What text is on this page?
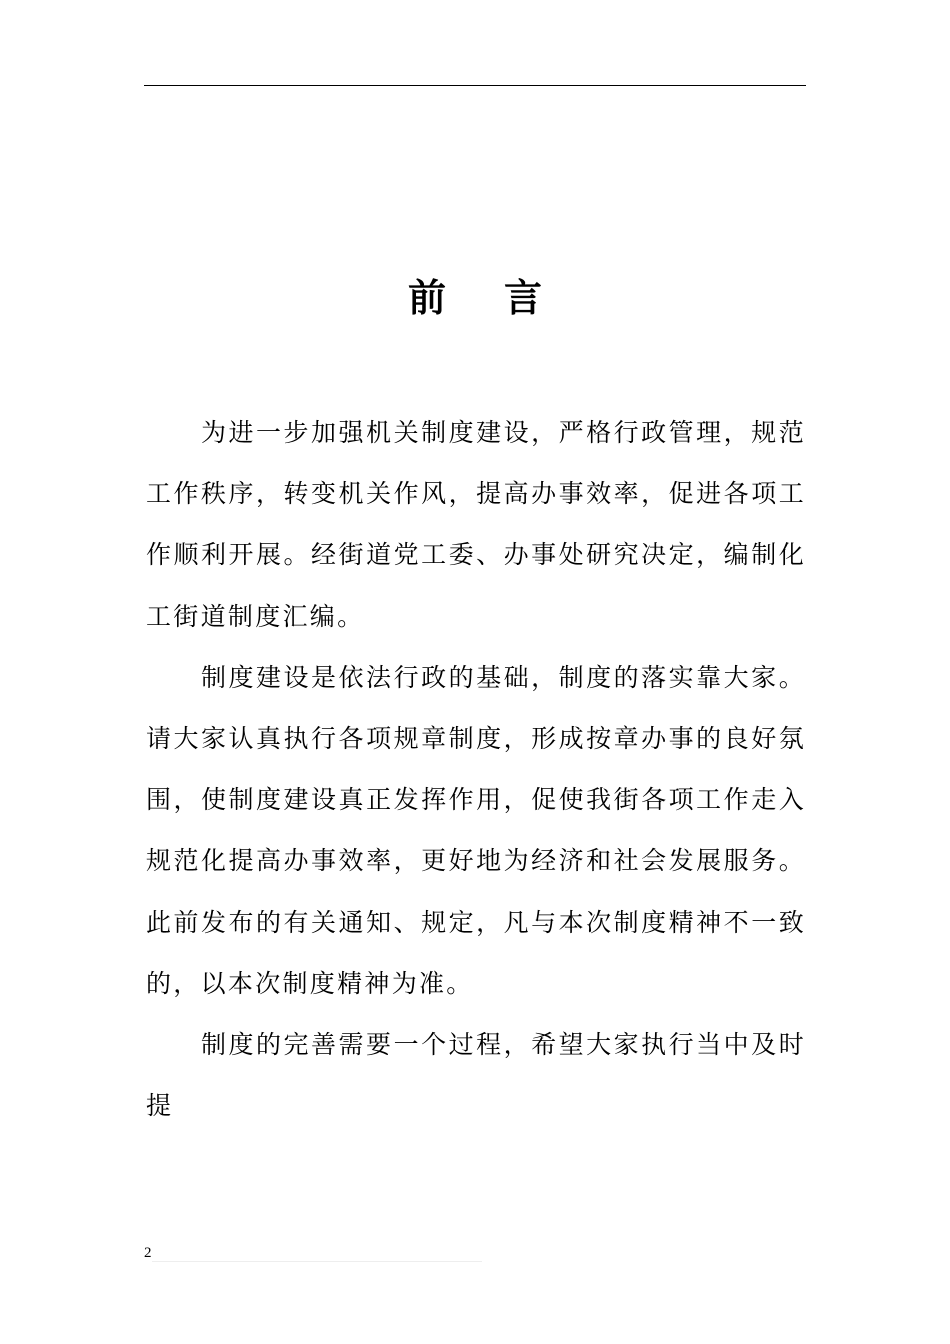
前言

为进一步加强机关制度建设，严格行政管理，规范工作秩序，转变机关作风，提高办事效率，促进各项工作顺利开展。经街道党工委、办事处研究决定，编制化工街道制度汇编。

制度建设是依法行政的基础，制度的落实靠大家。请大家认真执行各项规章制度，形成按章办事的良好氛围，使制度建设真正发挥作用，促使我街各项工作走入规范化提高办事效率，更好地为经济和社会发展服务。此前发布的有关通知、规定，凡与本次制度精神不一致的，以本次制度精神为准。

制度的完善需要一个过程，希望大家执行当中及时提

2
